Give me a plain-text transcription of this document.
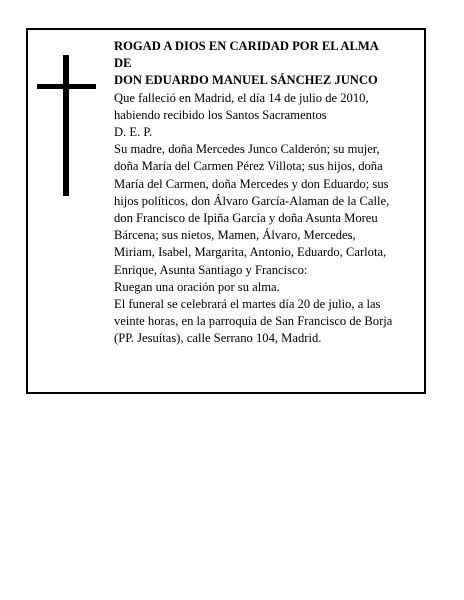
ROGAD A DIOS EN CARIDAD POR EL ALMA
DE
DON EDUARDO MANUEL SÁNCHEZ JUNCO
Que falleció en Madrid, el día 14 de julio de 2010,
habiendo recibido los Santos Sacramentos
D. E. P.
Su madre, doña Mercedes Junco Calderón; su mujer,
doña María del Carmen Pérez Villota; sus hijos, doña
María del Carmen, doña Mercedes y don Eduardo; sus
hijos políticos, don Álvaro García-Alaman de la Calle,
don Francisco de Ipiña García y doña Asunta Moreu
Bárcena; sus nietos, Mamen, Álvaro, Mercedes,
Miriam, Isabel, Margarita, Antonio, Eduardo, Carlota,
Enrique, Asunta Santiago y Francisco:
Ruegan una oración por su alma.
El funeral se celebrará el martes día 20 de julio, a las
veinte horas, en la parroquia de San Francisco de Borja
(PP. Jesuítas), calle Serrano 104, Madrid.
